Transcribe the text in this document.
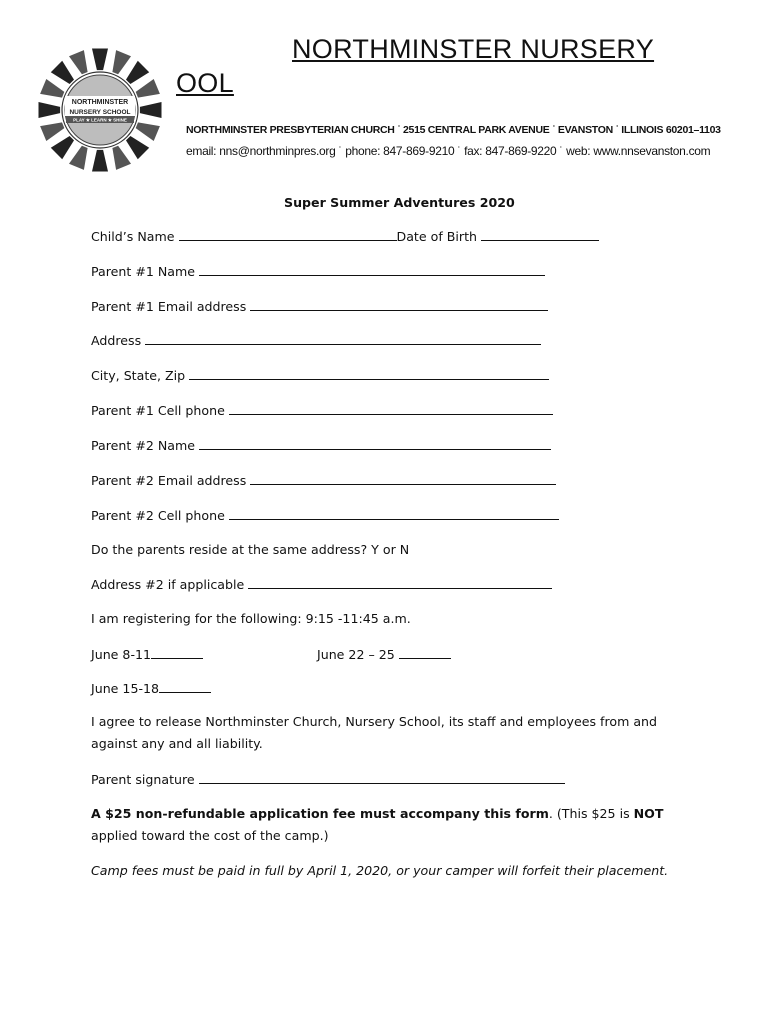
NORTHMINSTER
NURSERY SCHOOL
PLAY ★ LEARN ★ SHINE
NORTHMINSTER NURSERY
OOL
NORTHMINSTER PRESBYTERIAN CHURCH ˙ 2515 CENTRAL PARK AVENUE ˙ EVANSTON ˙ ILLINOIS 60201–1103
email: nns@northminpres.org ˙ phone: 847-869-9210 ˙ fax: 847-869-9220 ˙ web: www.nnsevanston.com
Super Summer Adventures 2020
Child’s Name	Date of Birth
Parent #1 Name
Parent #1 Email address
Address
City, State, Zip
Parent #1 Cell phone
Parent #2 Name
Parent #2 Email address
Parent #2 Cell phone
Do the parents reside at the same address? Y or N
Address #2 if applicable
I am registering for the following: 9:15 -11:45 a.m.
June 8-11	June 22 – 25
June 15-18
I agree to release Northminster Church, Nursery School, its staff and employees from and against any and all liability.
Parent signature
A $25 non-refundable application fee must accompany this form. (This $25 is NOT applied toward the cost of the camp.)
Camp fees must be paid in full by April 1, 2020, or your camper will forfeit their placement.
